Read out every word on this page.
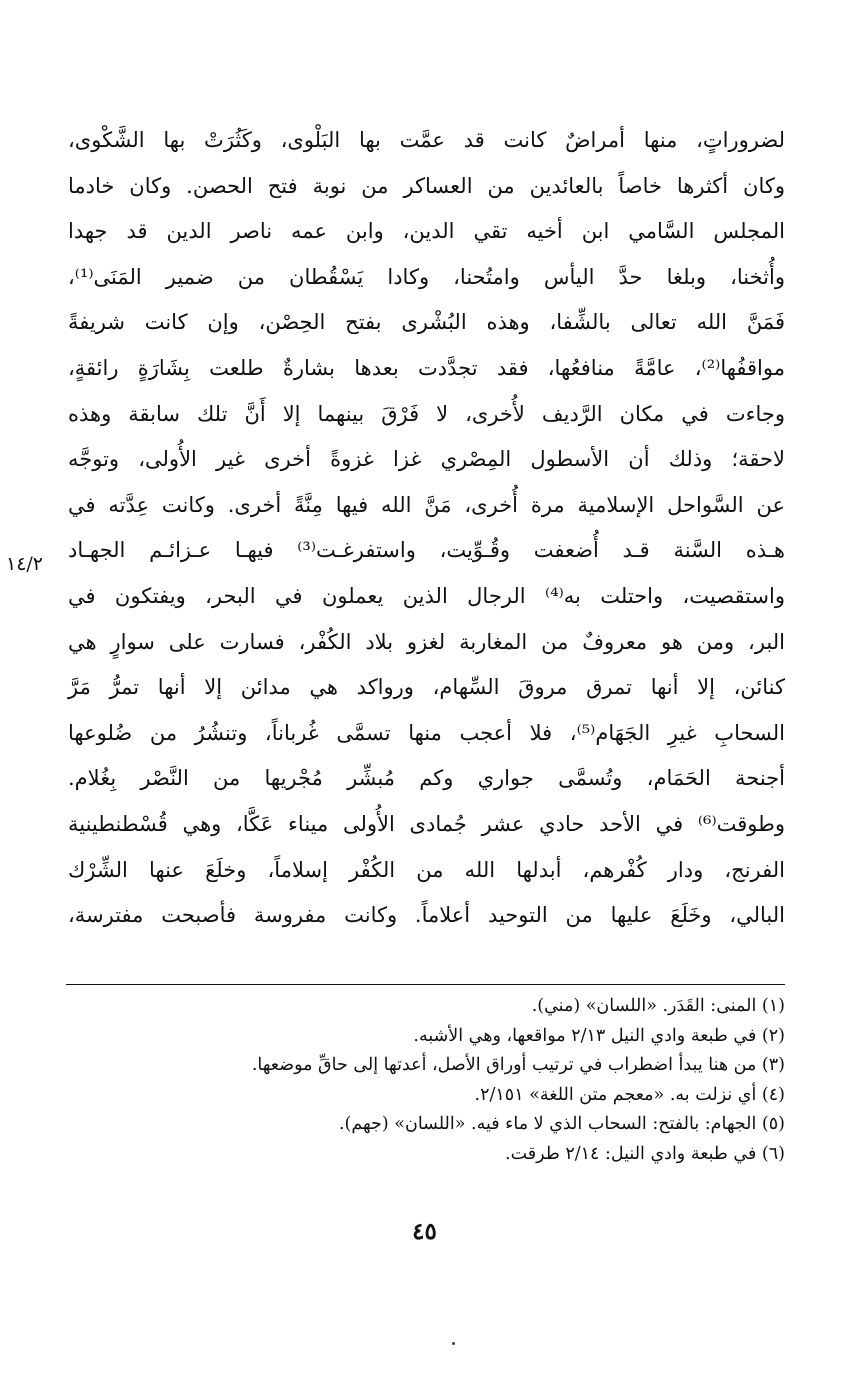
لضروراتٍ، منها أمراضٌ كانت قد عمَّت بها البَلْوى، وكَثُرَتْ بها الشَّكْوى،
وكان أكثرها خاصاً بالعائدين من العساكر من نوبة فتح الحصن. وكان خادما
المجلس السَّامي ابن أخيه تقي الدين، وابن عمه ناصر الدين قد جهدا
وأُثخنا، وبلغا حدَّ اليأس وامتُحنا، وكادا يَسْقُطان من ضمير المَنَى⁽¹⁾،
فَمَنَّ الله تعالى بالشِّفا، وهذه البُشْرى بفتح الحِصْن، وإن كانت شريفةً
مواقفُها⁽²⁾، عامَّةً منافعُها، فقد تجدَّدت بعدها بشارةٌ طلعت بِشَارَةٍ رائقةٍ،
وجاءت في مكان الرَّديف لأُخرى، لا فَرْقَ بينهما إلا أَنَّ تلك سابقة وهذه
لاحقة؛ وذلك أن الأسطول المِصْري غزا غزوةً أخرى غير الأُولى، وتوجَّه
عن السَّواحل الإسلامية مرة أُخرى، مَنَّ الله فيها مِنَّةً أخرى. وكانت عِدَّته في
هـذه السَّنة قـد أُضعفت وقُـوِّيت، واستفرغـت⁽³⁾ فيهـا عـزائـم الجهـاد
واستقصيت، واحتلت به⁽⁴⁾ الرجال الذين يعملون في البحر، ويفتكون في
البر، ومن هو معروفٌ من المغاربة لغزو بلاد الكُفْر، فسارت على سوارٍ هي
كنائن، إلا أنها تمرق مروقَ السِّهام، ورواكد هي مدائن إلا أنها تمرُّ مَرَّ
السحابِ غيرِ الجَهَام⁽⁵⁾، فلا أعجب منها تسمَّى غُرباناً، وتنشُرُ من ضُلوعها
أجنحة الحَمَام، وتُسمَّى جواري وكم مُبشِّر مُجْريها من النَّصْر بِغُلام.
وطوقت⁽⁶⁾ في الأحد حادي عشر جُمادى الأُولى ميناء عَكَّا، وهي قُسْطنطينية
الفرنج، ودار كُفْرهم، أبدلها الله من الكُفْر إسلاماً، وخلَعَ عنها الشِّرْك
البالي، وخَلَعَ عليها من التوحيد أعلاماً. وكانت مفروسة فأصبحت مفترسة،
١٤/٢
(١) المنى: القَدَر. «اللسان» (مني).
(٢) في طبعة وادي النيل ٢/١٣ مواقعها، وهي الأشبه.
(٣) من هنا يبدأ اضطراب في ترتيب أوراق الأصل، أعدتها إلى حاقِّ موضعها.
(٤) أي نزلت به. «معجم متن اللغة» ٢/١٥١.
(٥) الجهام: بالفتح: السحاب الذي لا ماء فيه. «اللسان» (جهم).
(٦) في طبعة وادي النيل: ٢/١٤ طرقت.
٤٥
